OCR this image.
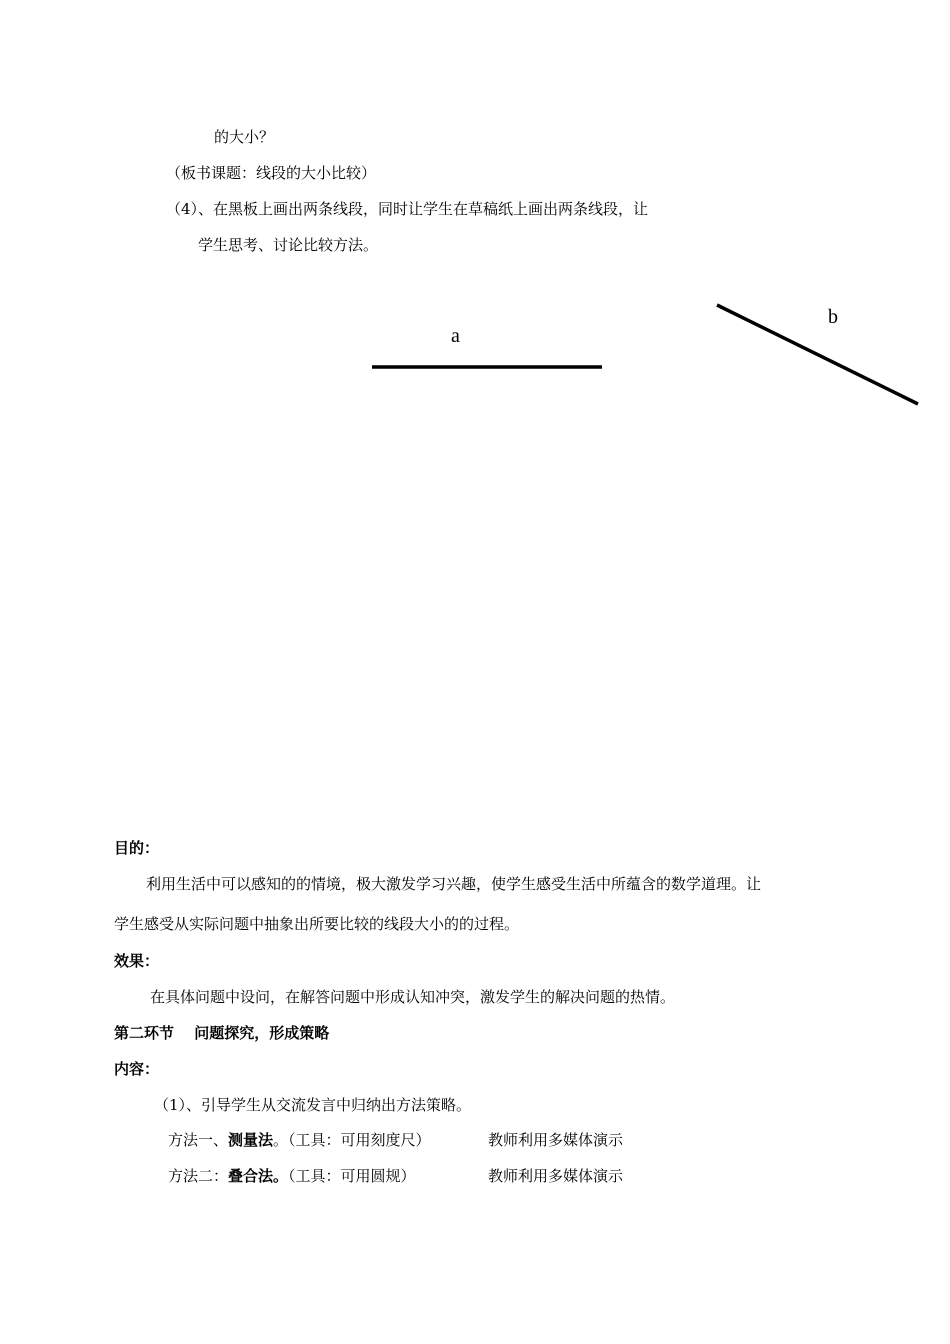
的大小？
（板书课题：线段的大小比较）
（4）、在黑板上画出两条线段，同时让学生在草稿纸上画出两条线段，让
学生思考、讨论比较方法。
a
b
目的：
利用生活中可以感知的的情境，极大激发学习兴趣，使学生感受生活中所蕴含的数学道理。让
学生感受从实际问题中抽象出所要比较的线段大小的的过程。
效果：
在具体问题中设问，在解答问题中形成认知冲突，激发学生的解决问题的热情。
第二环节　 问题探究，形成策略
内容：
（1）、引导学生从交流发言中归纳出方法策略。
方法一、测量法。（工具：可用刻度尺）	教师利用多媒体演示
方法二：叠合法。（工具：可用圆规）	教师利用多媒体演示
